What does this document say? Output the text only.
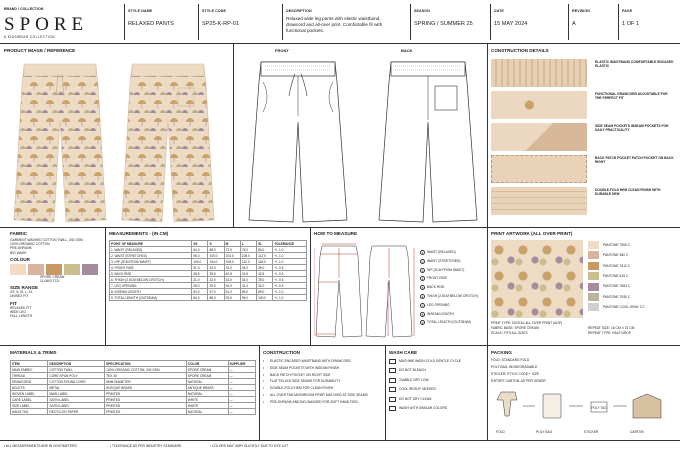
BRAND / COLLECTION
SPORE
A KIDSWEAR COLLECTION
STYLE NAME
RELAXED PANTS
STYLE CODE
SP25-K-RP-01
DESCRIPTION
Relaxed wide leg pants with elastic waistband, drawcord and all-over print. Comfortable fit with functional pockets.
SEASON
SPRING / SUMMER 25
DATE
15 MAY 2024
REVISION
A
PAGE
1 OF 1
PRODUCT IMAGE / REFERENCE	FRONT	BACK	CONSTRUCTION DETAILS
ELASTIC WAISTBAND COMFORTABLE ENCASED ELASTIC
FUNCTIONAL DRAWCORD ADJUSTABLE FOR THE PERFECT FIT
SIDE SEAM POCKETS INSEAM POCKETS FOR DAILY PRACTICALITY
BACK PATCH POCKET PATCH POCKET ON BACK RIGHT
DOUBLE-FOLD HEM CLEAN FINISH WITH DURABLE HEM
FABRIC
GARMENT WASHED COTTON TWILL, 240 GSM
100% ORGANIC COTTON
PRE-SHRUNK
BIO WASH
COLOUR
SPORE CREAM
11-0602 TCX
SIZE RANGE
XS, S, M, L, XL
UNISEX FIT
FIT
RELAXED FIT
WIDE LEG
FULL LENGTH
MEASUREMENTS - (IN CM)
POINT OF MEASURE	XS	S	M	L	XL	TOLERANCE
1. WAIST (RELAXED)	64.0	68.0	72.0	76.0	80.0	+/- 1.0
2. WAIST (STRETCHED)	96.0	100.0	104.0	108.0	112.0	+/- 1.0
3. HIP (3CM FROM WAIST)	100.0	104.0	108.0	112.0	116.0	+/- 1.0
4. FRONT RISE	31.0	32.0	33.0	34.0	35.0	+/- 0.5
5. BACK RISE	38.5	39.5	40.5	41.5	42.5	+/- 0.5
6. THIGH (2.5CM BELOW CROTCH)	31.0	32.0	33.0	34.0	35.0	+/- 0.5
7. LEG OPENING	28.0	29.0	30.0	31.0	32.0	+/- 0.5
8. INSEAM LENGTH	53.0	57.0	61.0	65.0	69.0	+/- 1.0
9. TOTAL LENGTH (OUTSEAM)	84.0	88.0	92.0	96.0	100.0	+/- 1.0
HOW TO MEASURE
1	WAIST (RELAXED)
2	WAIST (STRETCHED)
3	HIP (3CM FROM WAIST)
4	FRONT RISE
5	BACK RISE
6	THIGH (2.5CM BELOW CROTCH)
7	LEG OPENING
8	INSEAM LENGTH
9	TOTAL LENGTH (OUTSEAM)
PRINT ARTWORK (ALL OVER PRINT)
PANTONE 7506 C
PANTONE 480 C
PANTONE 7512 C
PANTONE 615 C
PANTONE 7663 C
PANTONE 7535 C
PANTONE COOL GRAY 2 C
PRINT TYPE: DIGITAL ALL OVER PRINT (AOP)
FABRIC BASE: SPORE CREAM
SCALE: FITS ALL SIZES
REPEAT SIZE: 18 CM X 21 CM
REPEAT TYPE: HALF DROP
MATERIALS & TRIMS
ITEM	DESCRIPTION	SPECIFICATION	COLOR	SUPPLIER
MAIN FABRIC	COTTON TWILL	100% ORGANIC COTTON, 240 GSM	SPORE CREAM	—
THREAD	CORE SPUN POLY	TEX 30	SPORE CREAM	—
DRAWCORD	COTTON ROUND CORD	5MM DIAMETER	NATURAL	—
AGLETS	METAL	ANTIQUE BRASS	ANTIQUE BRASS	—
WOVEN LABEL	MAIN LABEL	PRINTED	NATURAL	—
CARE LABEL	SATIN LABEL	PRINTED	WHITE	—
SIZE LABEL	SATIN LABEL	PRINTED	WHITE	—
HANG TAG	RECYCLED PAPER	PRINTED	NATURAL	—
CONSTRUCTION
•	ELASTIC ENCASED WAISTBAND WITH DRAWCORD
•	SIDE SEAM POCKETS WITH INSEAM FINISH
•	BACK PATCH POCKET ON RIGHT SIDE
•	FLAT FELLED SIDE SEAMS FOR DURABILITY
•	DOUBLE-FOLD HEM FOR CLEAN FINISH
•	ALL OVER FAN MUSHROOM PRINT MATCHED AT SIDE SEAMS
•	PRE-SHRUNK AND BIO-WASHED FOR SOFT HAND FEEL
WASH CARE
MACHINE WASH COLD GENTLE CYCLE
DO NOT BLEACH
TUMBLE DRY LOW
COOL IRON IF NEEDED
DO NOT DRY CLEAN
WASH WITH SIMILAR COLORS
PACKING
FOLD: STANDARD FOLD
POLY BAG: BIODEGRADABLE
STICKER: STYLE CODE + SIZE
EXPORT CARTON: AS PER ORDER
POLY TAG
FOLD	POLY BAG	STICKER	CARTON
• ALL MEASUREMENTS ARE IN CENTIMETERS	• TOLERANCE AS PER INDUSTRY STANDARD	• COLORS MAY VARY SLIGHTLY DUE TO DYE LOT
